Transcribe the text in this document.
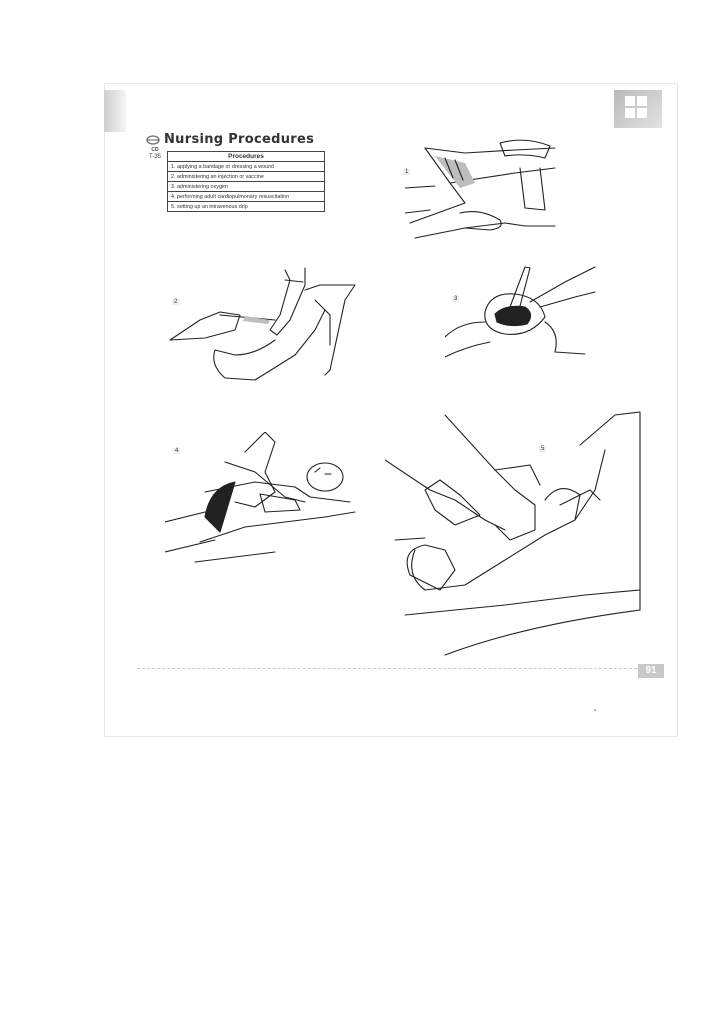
Nursing Procedures
CD
T-35	Procedures
1. applying a bandage or dressing a wound
2. administering an injection or vaccine
3. administering oxygen
4. performing adult cardiopulmonary resuscitation
5. setting up an intravenous drip
1
2	3
4	5
91
